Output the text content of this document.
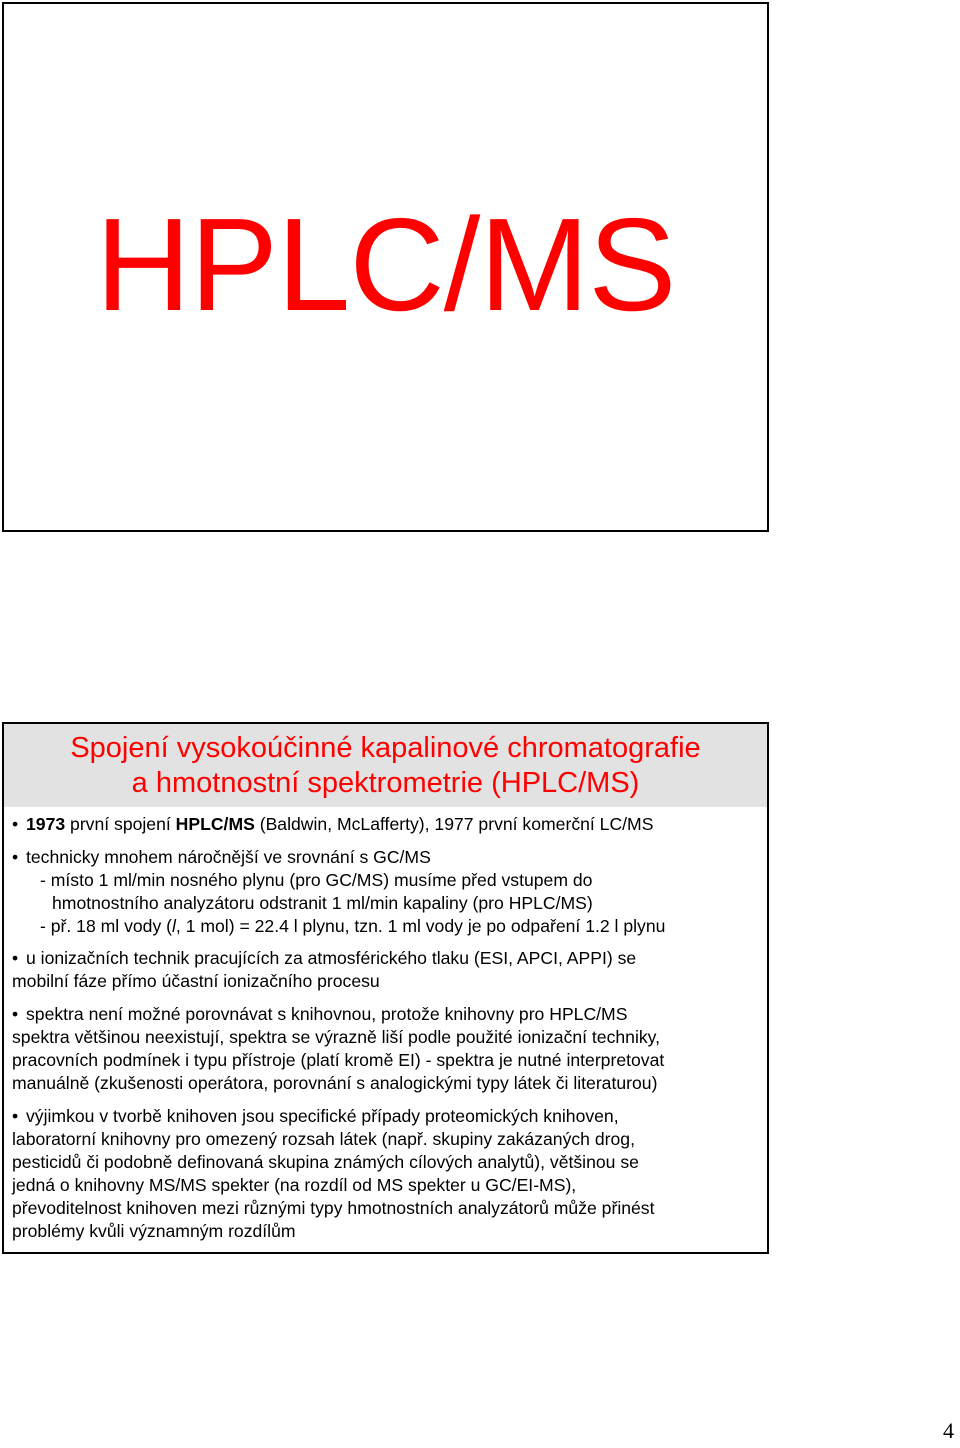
HPLC/MS
Spojení vysokoúčinné kapalinové chromatografie
a hmotnostní spektrometrie (HPLC/MS)
• 1973 první spojení HPLC/MS (Baldwin, McLafferty), 1977 první komerční LC/MS
• technicky mnohem náročnější ve srovnání s GC/MS
- místo 1 ml/min nosného plynu (pro GC/MS) musíme před vstupem do
hmotnostního analyzátoru odstranit 1 ml/min kapaliny (pro HPLC/MS)
- př. 18 ml vody (l, 1 mol) = 22.4 l plynu, tzn. 1 ml vody je po odpaření 1.2 l plynu
• u ionizačních technik pracujících za atmosférického tlaku (ESI, APCI, APPI) se
mobilní fáze přímo účastní ionizačního procesu
• spektra není možné porovnávat s knihovnou, protože knihovny pro HPLC/MS
spektra většinou neexistují, spektra se výrazně liší podle použité ionizační techniky,
pracovních podmínek i typu přístroje (platí kromě EI) - spektra je nutné interpretovat
manuálně (zkušenosti operátora, porovnání s analogickými typy látek či literaturou)
• výjimkou v tvorbě knihoven jsou specifické případy proteomických knihoven,
laboratorní knihovny pro omezený rozsah látek (např. skupiny zakázaných drog,
pesticidů či podobně definovaná skupina známých cílových analytů), většinou se
jedná o knihovny MS/MS spekter (na rozdíl od MS spekter u GC/EI-MS),
převoditelnost knihoven mezi různými typy hmotnostních analyzátorů může přinést
problémy kvůli významným rozdílům
4
